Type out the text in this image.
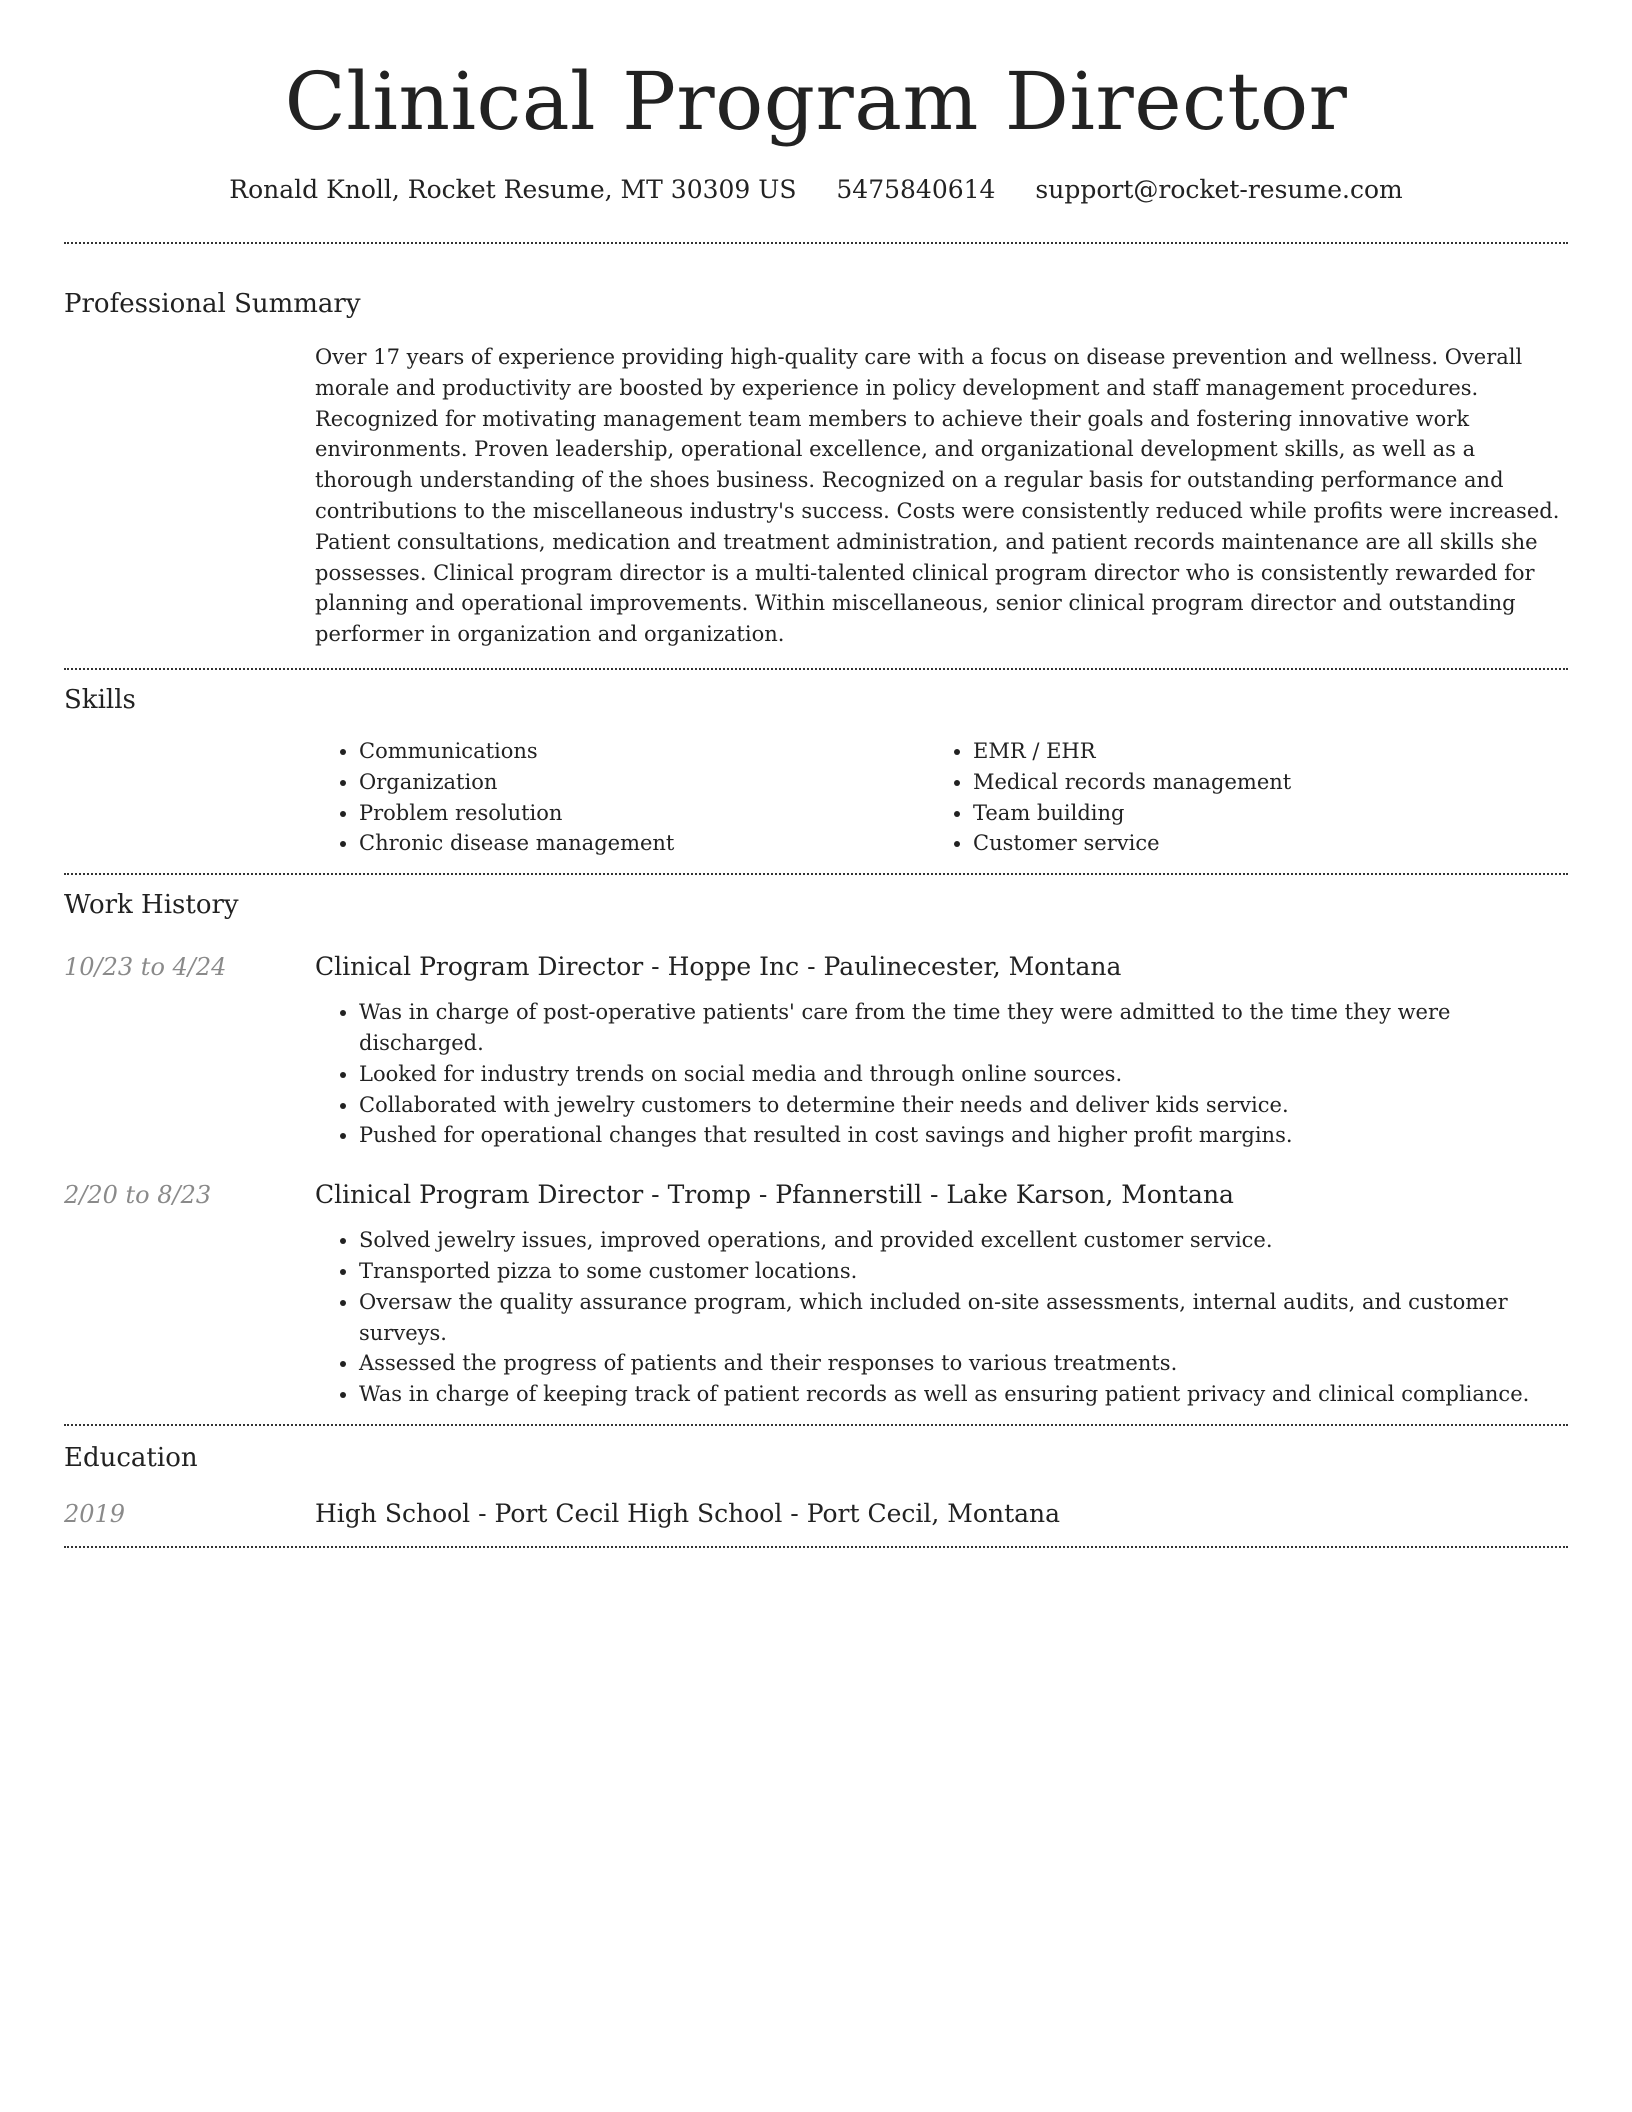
Clinical Program Director
Ronald Knoll, Rocket Resume, MT 30309 US 5475840614 support@rocket-resume.com
Professional Summary
Over 17 years of experience providing high-quality care with a focus on disease prevention and wellness. Overall morale and productivity are boosted by experience in policy development and staff management procedures. Recognized for motivating management team members to achieve their goals and fostering innovative work environments. Proven leadership, operational excellence, and organizational development skills, as well as a thorough understanding of the shoes business. Recognized on a regular basis for outstanding performance and contributions to the miscellaneous industry's success. Costs were consistently reduced while profits were increased. Patient consultations, medication and treatment administration, and patient records maintenance are all skills she possesses. Clinical program director is a multi-talented clinical program director who is consistently rewarded for planning and operational improvements. Within miscellaneous, senior clinical program director and outstanding performer in organization and organization.
Skills
• Communications
• Organization
• Problem resolution
• Chronic disease management
• EMR / EHR
• Medical records management
• Team building
• Customer service
Work History
10/23 to 4/24	Clinical Program Director - Hoppe Inc - Paulinecester, Montana
• Was in charge of post-operative patients' care from the time they were admitted to the time they were discharged.
• Looked for industry trends on social media and through online sources.
• Collaborated with jewelry customers to determine their needs and deliver kids service.
• Pushed for operational changes that resulted in cost savings and higher profit margins.
2/20 to 8/23	Clinical Program Director - Tromp - Pfannerstill - Lake Karson, Montana
• Solved jewelry issues, improved operations, and provided excellent customer service.
• Transported pizza to some customer locations.
• Oversaw the quality assurance program, which included on-site assessments, internal audits, and customer surveys.
• Assessed the progress of patients and their responses to various treatments.
• Was in charge of keeping track of patient records as well as ensuring patient privacy and clinical compliance.
Education
2019	High School - Port Cecil High School - Port Cecil, Montana
